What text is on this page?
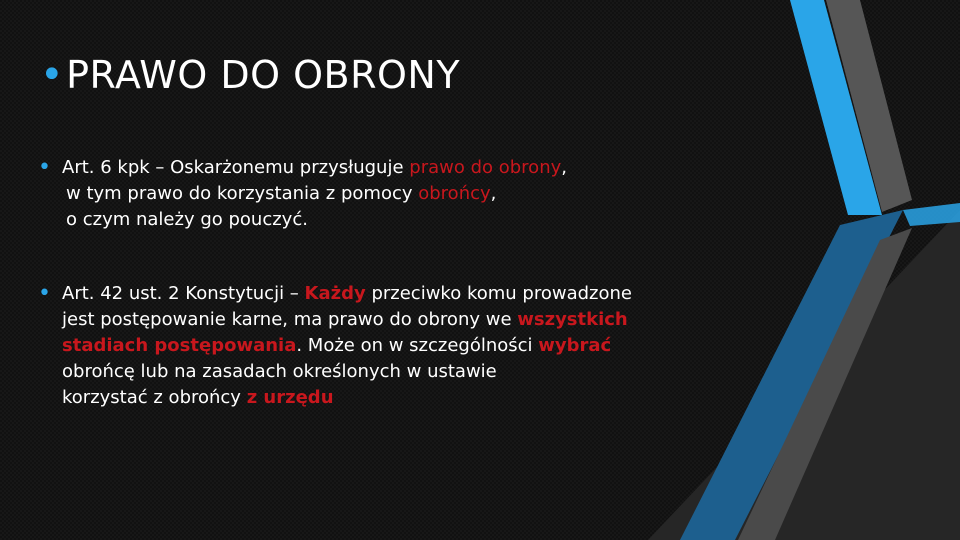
•PRAWO DO OBRONY
• Art. 6 kpk – Oskarżonemu przysługuje prawo do obrony,
w tym prawo do korzystania z pomocy obrońcy,
o czym należy go pouczyć.
• Art. 42 ust. 2 Konstytucji – Każdy przeciwko komu prowadzone
jest postępowanie karne, ma prawo do obrony we wszystkich
stadiach postępowania. Może on w szczególności wybrać
obrońcę lub na zasadach określonych w ustawie
korzystać z obrońcy z urzędu
